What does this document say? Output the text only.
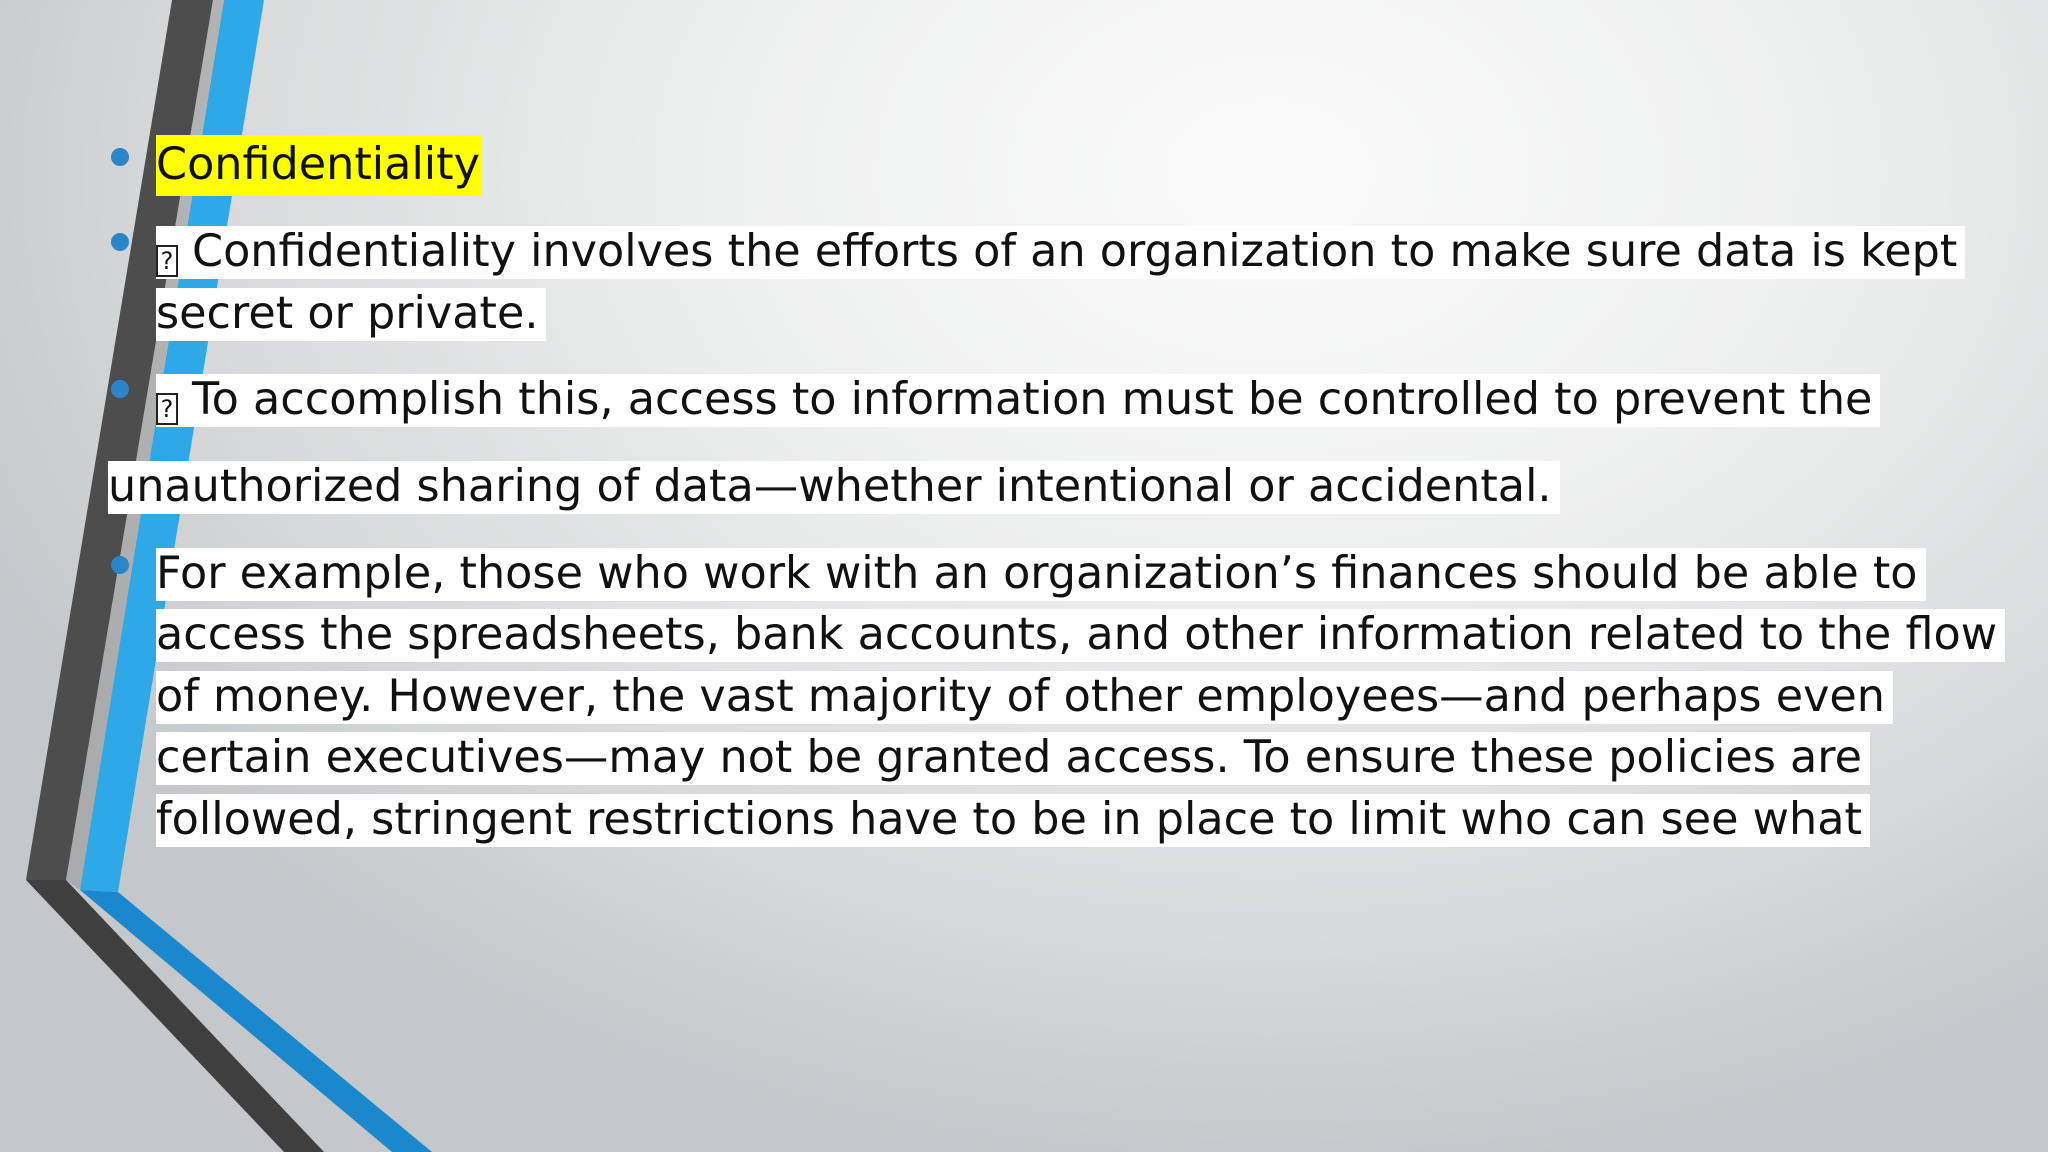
Confidentiality
? Confidentiality involves the efforts of an organization to make sure data is kept
secret or private.
? To accomplish this, access to information must be controlled to prevent the
unauthorized sharing of data—whether intentional or accidental.
For example, those who work with an organization’s finances should be able to
access the spreadsheets, bank accounts, and other information related to the flow
of money. However, the vast majority of other employees—and perhaps even
certain executives—may not be granted access. To ensure these policies are
followed, stringent restrictions have to be in place to limit who can see what
